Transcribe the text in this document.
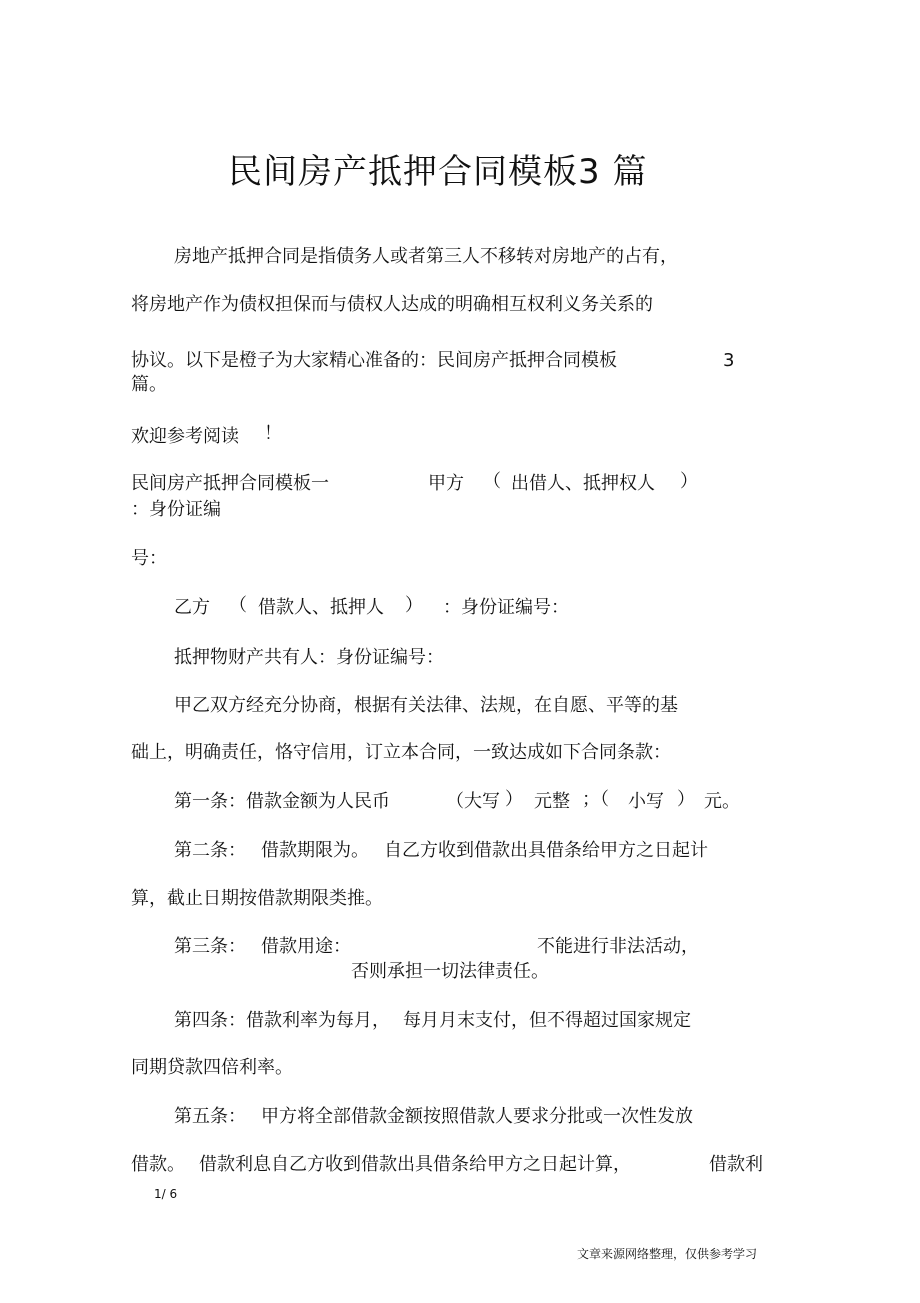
民间房产抵押合同模板3 篇
房地产抵押合同是指债务人或者第三人不移转对房地产的占有，
将房地产作为债权担保而与债权人达成的明确相互权利义务关系的
协议。以下是橙子为大家精心准备的：民间房产抵押合同模板	3
篇。
欢迎参考阅读 ！
民间房产抵押合同模板一	甲方 （ 出借人、抵押权人 ）
：身份证编
号：
乙方 （ 借款人、抵押人 ） ：身份证编号：
抵押物财产共有人：身份证编号：
甲乙双方经充分协商，根据有关法律、法规，在自愿、平等的基
础上，明确责任，恪守信用，订立本合同，一致达成如下合同条款：
第一条：借款金额为人民币	（大写 ） 元整 ；（ 小写 ） 元。
第二条： 借款期限为。 自乙方收到借款出具借条给甲方之日起计
算，截止日期按借款期限类推。
第三条： 借款用途：	不能进行非法活动，
否则承担一切法律责任。
第四条：借款利率为每月， 每月月末支付，但不得超过国家规定
同期贷款四倍利率。
第五条： 甲方将全部借款金额按照借款人要求分批或一次性发放
借款。 借款利息自乙方收到借款出具借条给甲方之日起计算，	借款利
1/ 6
文章来源网络整理，仅供参考学习
